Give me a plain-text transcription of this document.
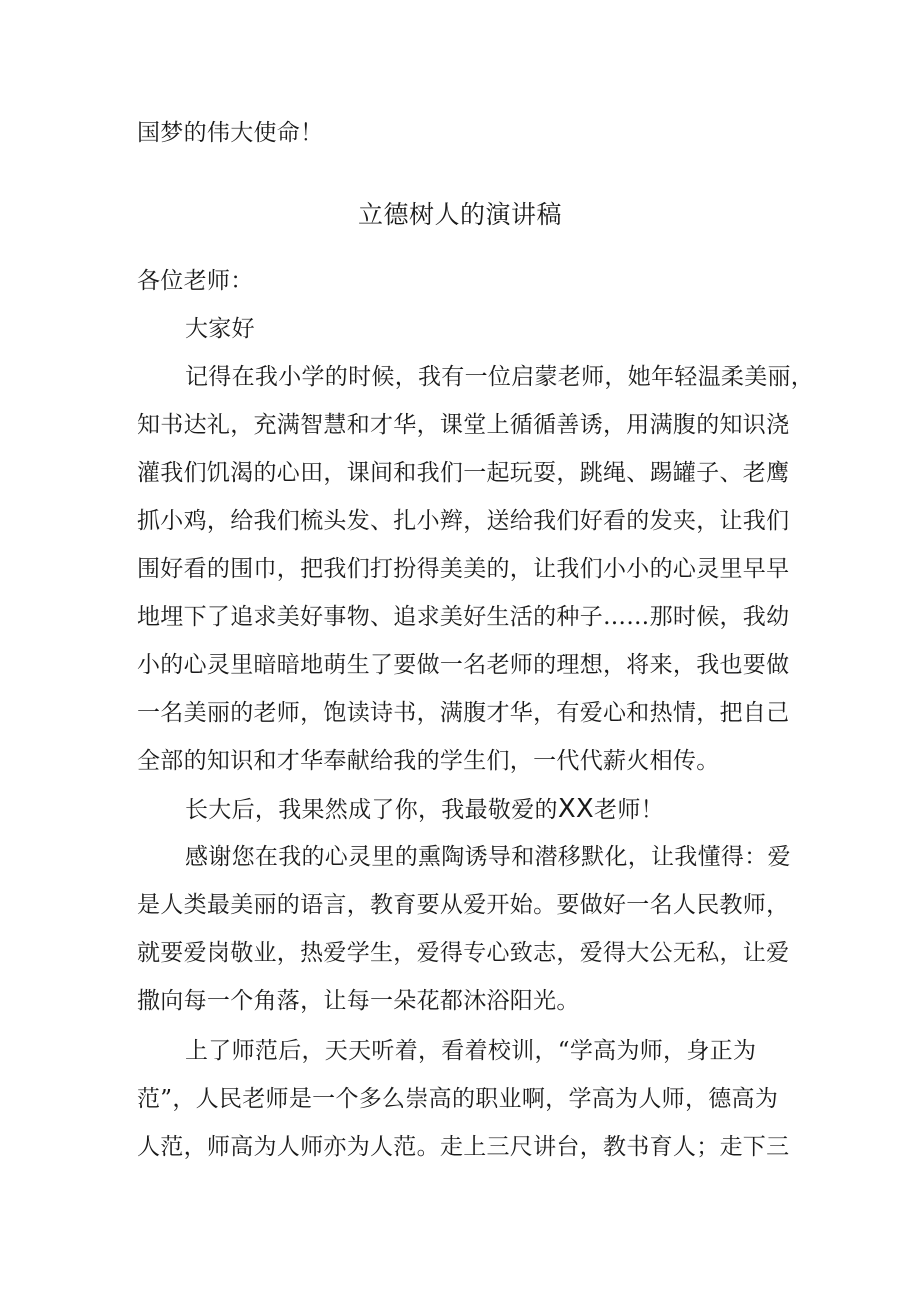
国梦的伟大使命！
立德树人的演讲稿
各位老师：
大家好
记得在我小学的时候，我有一位启蒙老师，她年轻温柔美丽，
知书达礼，充满智慧和才华，课堂上循循善诱，用满腹的知识浇
灌我们饥渴的心田，课间和我们一起玩耍，跳绳、踢罐子、老鹰
抓小鸡，给我们梳头发、扎小辫，送给我们好看的发夹，让我们
围好看的围巾，把我们打扮得美美的，让我们小小的心灵里早早
地埋下了追求美好事物、追求美好生活的种子……那时候，我幼
小的心灵里暗暗地萌生了要做一名老师的理想，将来，我也要做
一名美丽的老师，饱读诗书，满腹才华，有爱心和热情，把自己
全部的知识和才华奉献给我的学生们，一代代薪火相传。
长大后，我果然成了你，我最敬爱的XX老师！
感谢您在我的心灵里的熏陶诱导和潜移默化，让我懂得：爱
是人类最美丽的语言，教育要从爱开始。要做好一名人民教师，
就要爱岗敬业，热爱学生，爱得专心致志，爱得大公无私，让爱
撒向每一个角落，让每一朵花都沐浴阳光。
上了师范后，天天听着，看着校训，“学高为师，身正为
范”，人民老师是一个多么崇高的职业啊，学高为人师，德高为
人范，师高为人师亦为人范。走上三尺讲台，教书育人；走下三
